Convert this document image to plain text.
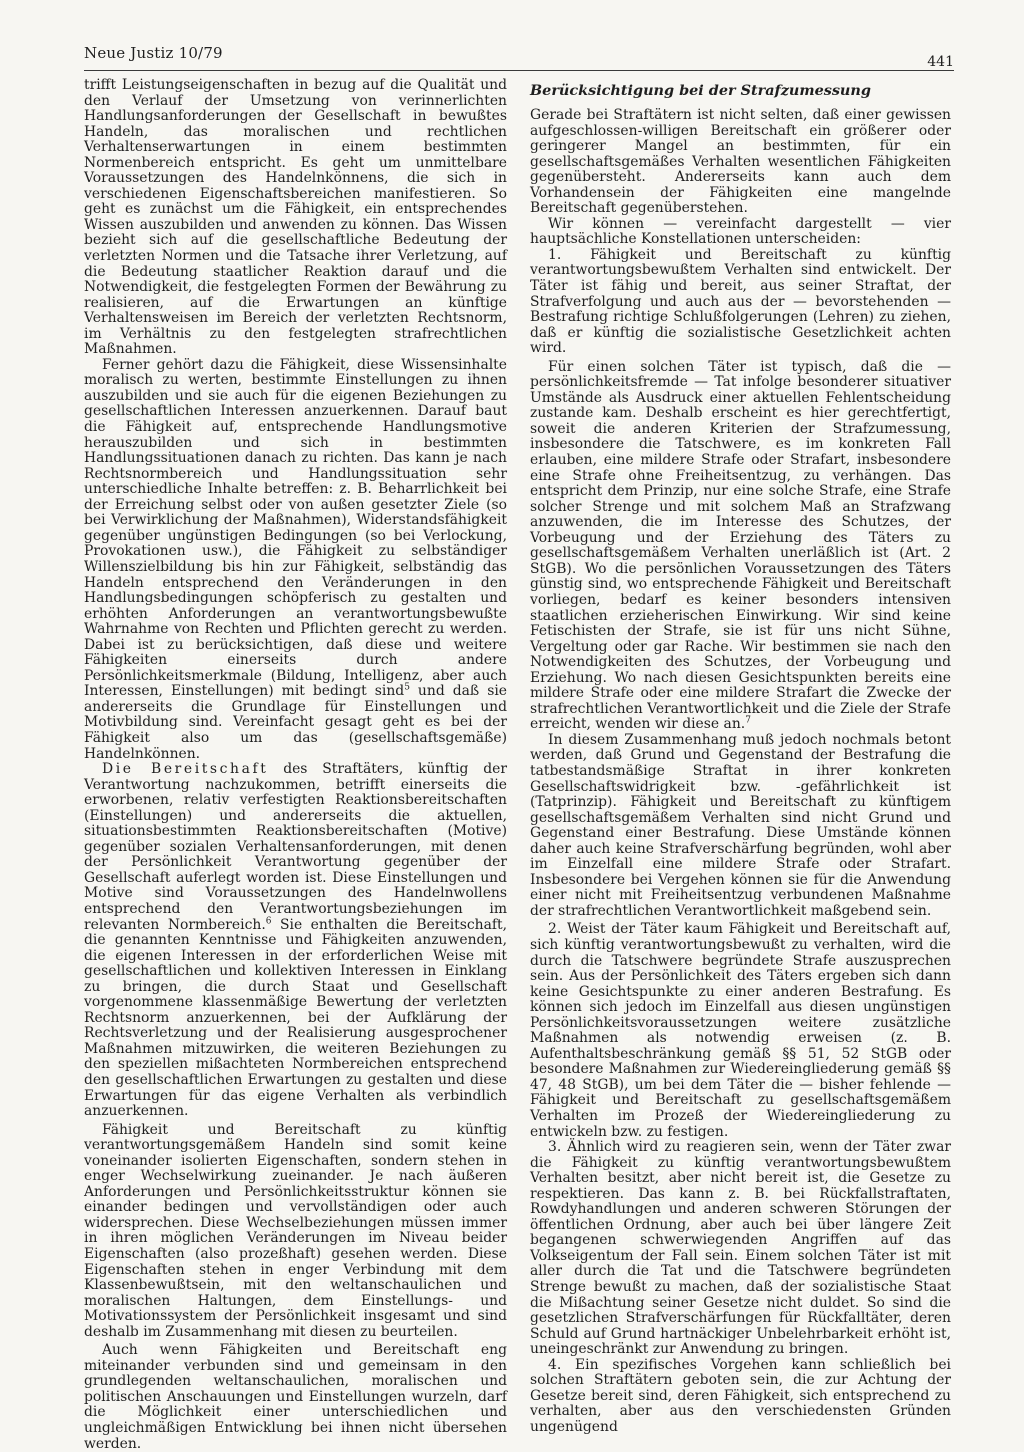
Neue Justiz 10/79	441

trifft Leistungseigenschaften in bezug auf die Qualität und den Verlauf der Umsetzung von verinnerlichten Handlungsanforderungen der Gesellschaft in bewußtes Handeln, das moralischen und rechtlichen Verhaltenserwartungen in einem bestimmten Normenbereich entspricht. Es geht um unmittelbare Voraussetzungen des Handelnkönnens, die sich in verschiedenen Eigenschaftsbereichen manifestieren. So geht es zunächst um die Fähigkeit, ein entsprechendes Wissen auszubilden und anwenden zu können. Das Wissen bezieht sich auf die gesellschaftliche Bedeutung der verletzten Normen und die Tatsache ihrer Verletzung, auf die Bedeutung staatlicher Reaktion darauf und die Notwendigkeit, die festgelegten Formen der Bewährung zu realisieren, auf die Erwartungen an künftige Verhaltensweisen im Bereich der verletzten Rechtsnorm, im Verhältnis zu den festgelegten strafrechtlichen Maßnahmen.

Ferner gehört dazu die Fähigkeit, diese Wissensinhalte moralisch zu werten, bestimmte Einstellungen zu ihnen auszubilden und sie auch für die eigenen Beziehungen zu gesellschaftlichen Interessen anzuerkennen. Darauf baut die Fähigkeit auf, entsprechende Handlungsmotive herauszubilden und sich in bestimmten Handlungssituationen danach zu richten. Das kann je nach Rechtsnormbereich und Handlungssituation sehr unterschiedliche Inhalte betreffen: z. B. Beharrlichkeit bei der Erreichung selbst oder von außen gesetzter Ziele (so bei Verwirklichung der Maßnahmen), Widerstandsfähigkeit gegenüber ungünstigen Bedingungen (so bei Verlockung, Provokationen usw.), die Fähigkeit zu selbständiger Willenszielbildung bis hin zur Fähigkeit, selbständig das Handeln entsprechend den Veränderungen in den Handlungsbedingungen schöpferisch zu gestalten und erhöhten Anforderungen an verantwortungsbewußte Wahrnahme von Rechten und Pflichten gerecht zu werden. Dabei ist zu berücksichtigen, daß diese und weitere Fähigkeiten einerseits durch andere Persönlichkeitsmerkmale (Bildung, Intelligenz, aber auch Interessen, Einstellungen) mit bedingt sind$^5$ und daß sie andererseits die Grundlage für Einstellungen und Motivbildung sind. Vereinfacht gesagt geht es bei der Fähigkeit also um das (gesellschaftsgemäße) Handelnkönnen.

Die Bereitschaft des Straftäters, künftig der Verantwortung nachzukommen, betrifft einerseits die erworbenen, relativ verfestigten Reaktionsbereitschaften (Einstellungen) und andererseits die aktuellen, situationsbestimmten Reaktionsbereitschaften (Motive) gegenüber sozialen Verhaltensanforderungen, mit denen der Persönlichkeit Verantwortung gegenüber der Gesellschaft auferlegt worden ist. Diese Einstellungen und Motive sind Voraussetzungen des Handelnwollens entsprechend den Verantwortungsbeziehungen im relevanten Normbereich.$^6$ Sie enthalten die Bereitschaft, die genannten Kenntnisse und Fähigkeiten anzuwenden, die eigenen Interessen in der erforderlichen Weise mit gesellschaftlichen und kollektiven Interessen in Einklang zu bringen, die durch Staat und Gesellschaft vorgenommene klassenmäßige Bewertung der verletzten Rechtsnorm anzuerkennen, bei der Aufklärung der Rechtsverletzung und der Realisierung ausgesprochener Maßnahmen mitzuwirken, die weiteren Beziehungen zu den speziellen mißachteten Normbereichen entsprechend den gesellschaftlichen Erwartungen zu gestalten und diese Erwartungen für das eigene Verhalten als verbindlich anzuerkennen.

Fähigkeit und Bereitschaft zu künftig verantwortungsgemäßem Handeln sind somit keine voneinander isolierten Eigenschaften, sondern stehen in enger Wechselwirkung zueinander. Je nach äußeren Anforderungen und Persönlichkeitsstruktur können sie einander bedingen und vervollständigen oder auch widersprechen. Diese Wechselbeziehungen müssen immer in ihren möglichen Veränderungen im Niveau beider Eigenschaften (also prozeßhaft) gesehen werden. Diese Eigenschaften stehen in enger Verbindung mit dem Klassenbewußtsein, mit den weltanschaulichen und moralischen Haltungen, dem Einstellungs- und Motivationssystem der Persönlichkeit insgesamt und sind deshalb im Zusammenhang mit diesen zu beurteilen.

Auch wenn Fähigkeiten und Bereitschaft eng miteinander verbunden sind und gemeinsam in den grundlegenden weltanschaulichen, moralischen und politischen Anschauungen und Einstellungen wurzeln, darf die Möglichkeit einer unterschiedlichen und ungleichmäßigen Entwicklung bei ihnen nicht übersehen werden.

Berücksichtigung bei der Strafzumessung

Gerade bei Straftätern ist nicht selten, daß einer gewissen aufgeschlossen-willigen Bereitschaft ein größerer oder geringerer Mangel an bestimmten, für ein gesellschaftsgemäßes Verhalten wesentlichen Fähigkeiten gegenübersteht. Andererseits kann auch dem Vorhandensein der Fähigkeiten eine mangelnde Bereitschaft gegenüberstehen.

Wir können — vereinfacht dargestellt — vier hauptsächliche Konstellationen unterscheiden:

1. Fähigkeit und Bereitschaft zu künftig verantwortungsbewußtem Verhalten sind entwickelt. Der Täter ist fähig und bereit, aus seiner Straftat, der Strafverfolgung und auch aus der — bevorstehenden — Bestrafung richtige Schlußfolgerungen (Lehren) zu ziehen, daß er künftig die sozialistische Gesetzlichkeit achten wird.

Für einen solchen Täter ist typisch, daß die — persönlichkeitsfremde — Tat infolge besonderer situativer Umstände als Ausdruck einer aktuellen Fehlentscheidung zustande kam. Deshalb erscheint es hier gerechtfertigt, soweit die anderen Kriterien der Strafzumessung, insbesondere die Tatschwere, es im konkreten Fall erlauben, eine mildere Strafe oder Strafart, insbesondere eine Strafe ohne Freiheitsentzug, zu verhängen. Das entspricht dem Prinzip, nur eine solche Strafe, eine Strafe solcher Strenge und mit solchem Maß an Strafzwang anzuwenden, die im Interesse des Schutzes, der Vorbeugung und der Erziehung des Täters zu gesellschaftsgemäßem Verhalten unerläßlich ist (Art. 2 StGB). Wo die persönlichen Voraussetzungen des Täters günstig sind, wo entsprechende Fähigkeit und Bereitschaft vorliegen, bedarf es keiner besonders intensiven staatlichen erzieherischen Einwirkung. Wir sind keine Fetischisten der Strafe, sie ist für uns nicht Sühne, Vergeltung oder gar Rache. Wir bestimmen sie nach den Notwendigkeiten des Schutzes, der Vorbeugung und Erziehung. Wo nach diesen Gesichtspunkten bereits eine mildere Strafe oder eine mildere Strafart die Zwecke der strafrechtlichen Verantwortlichkeit und die Ziele der Strafe erreicht, wenden wir diese an.$^7$

In diesem Zusammenhang muß jedoch nochmals betont werden, daß Grund und Gegenstand der Bestrafung die tatbestandsmäßige Straftat in ihrer konkreten Gesellschaftswidrigkeit bzw. -gefährlichkeit ist (Tatprinzip). Fähigkeit und Bereitschaft zu künftigem gesellschaftsgemäßem Verhalten sind nicht Grund und Gegenstand einer Bestrafung. Diese Umstände können daher auch keine Strafverschärfung begründen, wohl aber im Einzelfall eine mildere Strafe oder Strafart. Insbesondere bei Vergehen können sie für die Anwendung einer nicht mit Freiheitsentzug verbundenen Maßnahme der strafrechtlichen Verantwortlichkeit maßgebend sein.

2. Weist der Täter kaum Fähigkeit und Bereitschaft auf, sich künftig verantwortungsbewußt zu verhalten, wird die durch die Tatschwere begründete Strafe auszusprechen sein. Aus der Persönlichkeit des Täters ergeben sich dann keine Gesichtspunkte zu einer anderen Bestrafung. Es können sich jedoch im Einzelfall aus diesen ungünstigen Persönlichkeitsvoraussetzungen weitere zusätzliche Maßnahmen als notwendig erweisen (z. B. Aufenthaltsbeschränkung gemäß §§ 51, 52 StGB oder besondere Maßnahmen zur Wiedereingliederung gemäß §§ 47, 48 StGB), um bei dem Täter die — bisher fehlende — Fähigkeit und Bereitschaft zu gesellschaftsgemäßem Verhalten im Prozeß der Wiedereingliederung zu entwickeln bzw. zu festigen.

3. Ähnlich wird zu reagieren sein, wenn der Täter zwar die Fähigkeit zu künftig verantwortungsbewußtem Verhalten besitzt, aber nicht bereit ist, die Gesetze zu respektieren. Das kann z. B. bei Rückfallstraftaten, Rowdyhandlungen und anderen schweren Störungen der öffentlichen Ordnung, aber auch bei über längere Zeit begangenen schwerwiegenden Angriffen auf das Volkseigentum der Fall sein. Einem solchen Täter ist mit aller durch die Tat und die Tatschwere begründeten Strenge bewußt zu machen, daß der sozialistische Staat die Mißachtung seiner Gesetze nicht duldet. So sind die gesetzlichen Strafverschärfungen für Rückfalltäter, deren Schuld auf Grund hartnäckiger Unbelehrbarkeit erhöht ist, uneingeschränkt zur Anwendung zu bringen.

4. Ein spezifisches Vorgehen kann schließlich bei solchen Straftätern geboten sein, die zur Achtung der Gesetze bereit sind, deren Fähigkeit, sich entsprechend zu verhalten, aber aus den verschiedensten Gründen ungenügend
